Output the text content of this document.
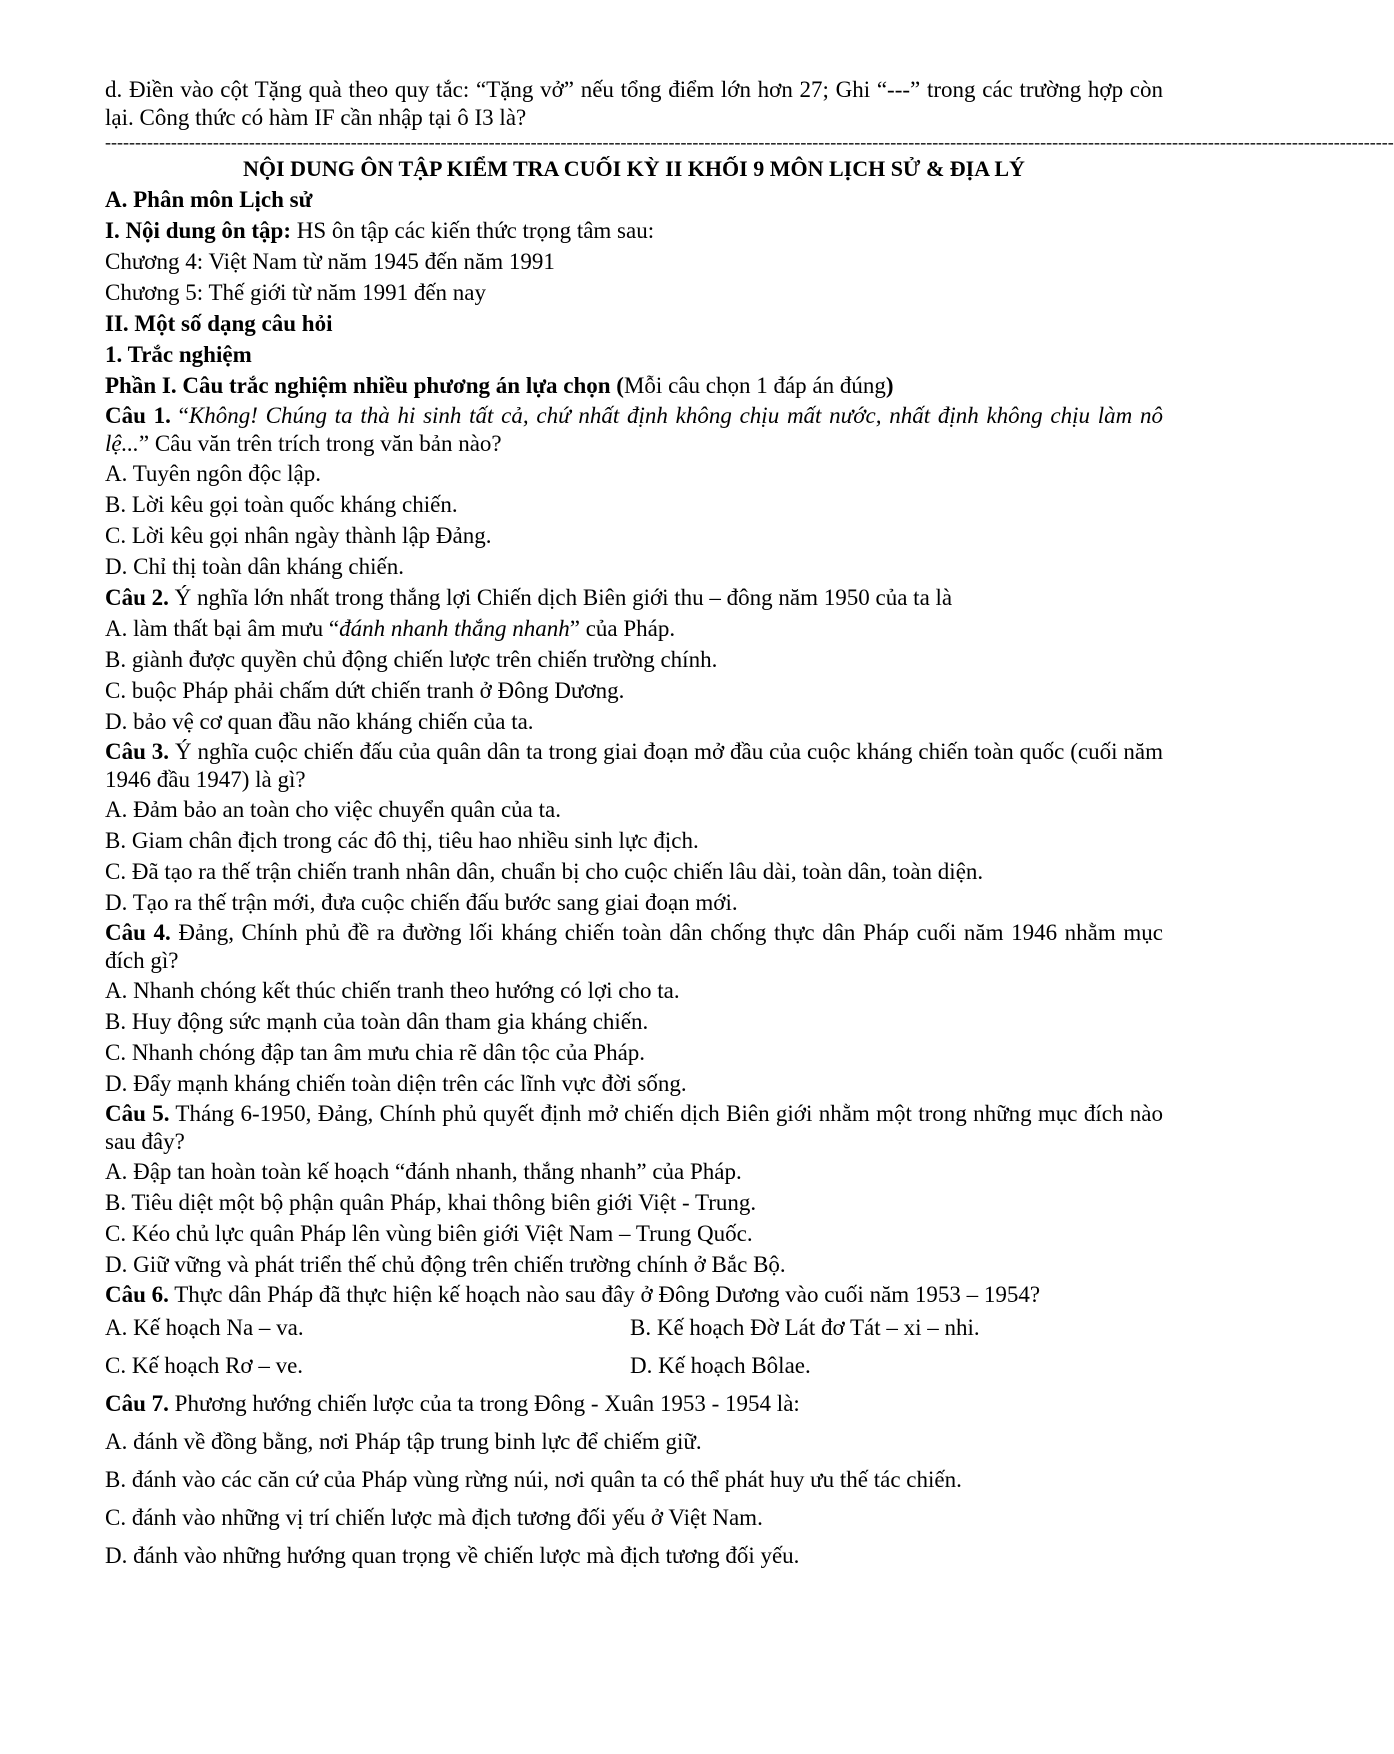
d. Điền vào cột Tặng quà theo quy tắc: “Tặng vở” nếu tổng điểm lớn hơn 27; Ghi “---” trong các trường hợp còn lại. Công thức có hàm IF cần nhập tại ô I3 là?

-----------------------------------------------------------------------------------------------------------------------------------------------------------------------------------------------------------------------

NỘI DUNG ÔN TẬP KIỂM TRA CUỐI KỲ II KHỐI 9 MÔN LỊCH SỬ & ĐỊA LÝ

A. Phân môn Lịch sử

I. Nội dung ôn tập: HS ôn tập các kiến thức trọng tâm sau:

Chương 4: Việt Nam từ năm 1945 đến năm 1991

Chương 5: Thế giới từ năm 1991 đến nay

II. Một số dạng câu hỏi

1. Trắc nghiệm

Phần I. Câu trắc nghiệm nhiều phương án lựa chọn (Mỗi câu chọn 1 đáp án đúng)

Câu 1. “Không! Chúng ta thà hi sinh tất cả, chứ nhất định không chịu mất nước, nhất định không chịu làm nô lệ...” Câu văn trên trích trong văn bản nào?

A. Tuyên ngôn độc lập.

B. Lời kêu gọi toàn quốc kháng chiến.

C. Lời kêu gọi nhân ngày thành lập Đảng.

D. Chỉ thị toàn dân kháng chiến.

Câu 2. Ý nghĩa lớn nhất trong thắng lợi Chiến dịch Biên giới thu – đông năm 1950 của ta là

A. làm thất bại âm mưu “đánh nhanh thắng nhanh” của Pháp.

B. giành được quyền chủ động chiến lược trên chiến trường chính.

C. buộc Pháp phải chấm dứt chiến tranh ở Đông Dương.

D. bảo vệ cơ quan đầu não kháng chiến của ta.

Câu 3. Ý nghĩa cuộc chiến đấu của quân dân ta trong giai đoạn mở đầu của cuộc kháng chiến toàn quốc (cuối năm 1946 đầu 1947) là gì?

A. Đảm bảo an toàn cho việc chuyển quân của ta.

B. Giam chân địch trong các đô thị, tiêu hao nhiều sinh lực địch.

C. Đã tạo ra thế trận chiến tranh nhân dân, chuẩn bị cho cuộc chiến lâu dài, toàn dân, toàn diện.

D. Tạo ra thế trận mới, đưa cuộc chiến đấu bước sang giai đoạn mới.

Câu 4. Đảng, Chính phủ đề ra đường lối kháng chiến toàn dân chống thực dân Pháp cuối năm 1946 nhằm mục đích gì?

A. Nhanh chóng kết thúc chiến tranh theo hướng có lợi cho ta.

B. Huy động sức mạnh của toàn dân tham gia kháng chiến.

C. Nhanh chóng đập tan âm mưu chia rẽ dân tộc của Pháp.

D. Đẩy mạnh kháng chiến toàn diện trên các lĩnh vực đời sống.

Câu 5. Tháng 6-1950, Đảng, Chính phủ quyết định mở chiến dịch Biên giới nhằm một trong những mục đích nào sau đây?

A. Đập tan hoàn toàn kế hoạch “đánh nhanh, thắng nhanh” của Pháp.

B. Tiêu diệt một bộ phận quân Pháp, khai thông biên giới Việt - Trung.

C. Kéo chủ lực quân Pháp lên vùng biên giới Việt Nam – Trung Quốc.

D. Giữ vững và phát triển thế chủ động trên chiến trường chính ở Bắc Bộ.

Câu 6. Thực dân Pháp đã thực hiện kế hoạch nào sau đây ở Đông Dương vào cuối năm 1953 – 1954?

A. Kế hoạch Na – va.	B. Kế hoạch Đờ Lát đơ Tát – xi – nhi.
C. Kế hoạch Rơ – ve.	D. Kế hoạch Bôlae.

Câu 7. Phương hướng chiến lược của ta trong Đông - Xuân 1953 - 1954 là:

A. đánh về đồng bằng, nơi Pháp tập trung binh lực để chiếm giữ.

B. đánh vào các căn cứ của Pháp vùng rừng núi, nơi quân ta có thể phát huy ưu thế tác chiến.

C. đánh vào những vị trí chiến lược mà địch tương đối yếu ở Việt Nam.

D. đánh vào những hướng quan trọng về chiến lược mà địch tương đối yếu.
